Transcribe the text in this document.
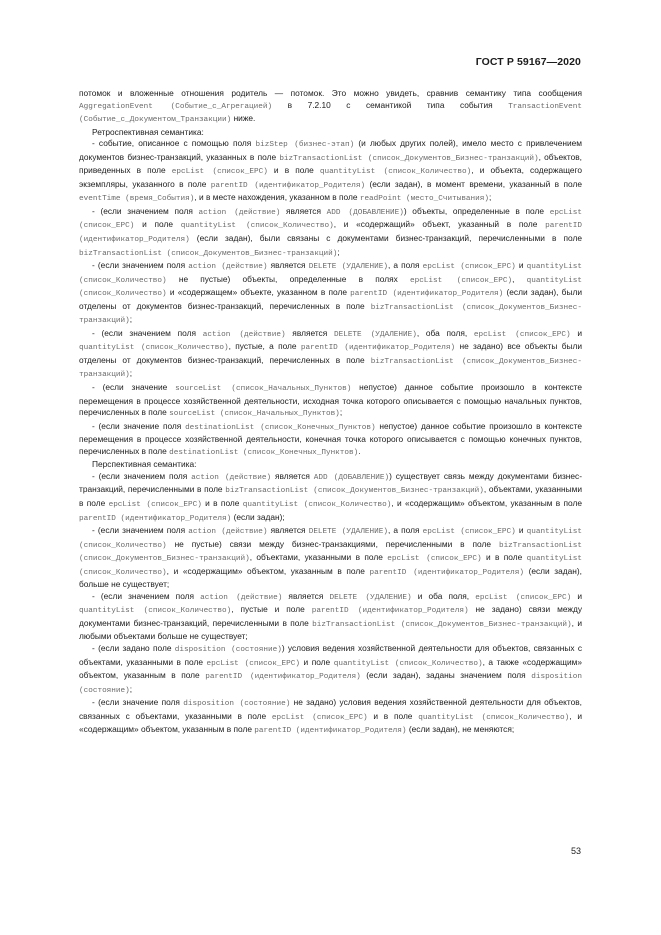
ГОСТ Р 59167—2020

потомок и вложенные отношения родитель — потомок. Это можно увидеть, сравнив семантику типа сообщения AggregationEvent (Событие_с_Агрегацией) в 7.2.10 с семантикой типа события TransactionEvent (Событие_с_Документом_Транзакции) ниже.

Ретроспективная семантика:

- событие, описанное с помощью поля bizStep (бизнес-этап) (и любых других полей), имело место с привлечением документов бизнес-транзакций, указанных в поле bizTransactionList (список_Документов_Бизнес-транзакций), объектов, приведенных в поле epcList (список_EPC) и в поле quantityList (список_Количество), и объекта, содержащего экземпляры, указанного в поле parentID (идентификатор_Родителя) (если задан), в момент времени, указанный в поле eventTime (время_События), и в месте нахождения, указанном в поле readPoint (место_Считывания);

- (если значением поля action (действие) является ADD (ДОБАВЛЕНИЕ)) объекты, определенные в поле epcList (список_EPC) и поле quantityList (список_Количество), и «содержащий» объект, указанный в поле parentID (идентификатор_Родителя) (если задан), были связаны с документами бизнес-транзакций, перечисленными в поле bizTransactionList (список_Документов_Бизнес-транзакций);

- (если значением поля action (действие) является DELETE (УДАЛЕНИЕ), а поля epcList (список_EPC) и quantityList (список_Количество) не пустые) объекты, определенные в полях epcList (список_EPC), quantityList (список_Количество) и «содержащем» объекте, указанном в поле parentID (идентификатор_Родителя) (если задан), были отделены от документов бизнес-транзакций, перечисленных в поле bizTransactionList (список_Документов_Бизнес-транзакций);

- (если значением поля action (действие) является DELETE (УДАЛЕНИЕ), оба поля, epcList (список_EPC) и quantityList (список_Количество), пустые, а поле parentID (идентификатор_Родителя) не задано) все объекты были отделены от документов бизнес-транзакций, перечисленных в поле bizTransactionList (список_Документов_Бизнес-транзакций);

- (если значение sourceList (список_Начальных_Пунктов) непустое) данное событие произошло в контексте перемещения в процессе хозяйственной деятельности, исходная точка которого описывается с помощью начальных пунктов, перечисленных в поле sourceList (список_Начальных_Пунктов);

- (если значение поля destinationList (список_Конечных_Пунктов) непустое) данное событие произошло в контексте перемещения в процессе хозяйственной деятельности, конечная точка которого описывается с помощью конечных пунктов, перечисленных в поле destinationList (список_Конечных_Пунктов).

Перспективная семантика:

- (если значением поля action (действие) является ADD (ДОБАВЛЕНИЕ)) существует связь между документами бизнес-транзакций, перечисленными в поле bizTransactionList (список_Документов_Бизнес-транзакций), объектами, указанными в поле epcList (список_EPC) и в поле quantityList (список_Количество), и «содержащим» объектом, указанным в поле parentID (идентификатор_Родителя) (если задан);

- (если значением поля action (действие) является DELETE (УДАЛЕНИЕ), а поля epcList (список_EPC) и quantityList (список_Количество) не пустые) связи между бизнес-транзакциями, перечисленными в поле bizTransactionList (список_Документов_Бизнес-транзакций), объектами, указанными в поле epcList (список_EPC) и в поле quantityList (список_Количество), и «содержащим» объектом, указанным в поле parentID (идентификатор_Родителя) (если задан), больше не существует;

- (если значением поля action (действие) является DELETE (УДАЛЕНИЕ) и оба поля, epcList (список_EPC) и quantityList (список_Количество), пустые и поле parentID (идентификатор_Родителя) не задано) связи между документами бизнес-транзакций, перечисленными в поле bizTransactionList (список_Документов_Бизнес-транзакций), и любыми объектами больше не существует;

- (если задано поле disposition (состояние)) условия ведения хозяйственной деятельности для объектов, связанных с объектами, указанными в поле epcList (список_EPC) и поле quantityList (список_Количество), а также «содержащим» объектом, указанным в поле parentID (идентификатор_Родителя) (если задан), заданы значением поля disposition (состояние);

- (если значение поля disposition (состояние) не задано) условия ведения хозяйственной деятельности для объектов, связанных с объектами, указанными в поле epcList (список_EPC) и в поле quantityList (список_Количество), и «содержащим» объектом, указанным в поле parentID (идентификатор_Родителя) (если задан), не меняются;

53
